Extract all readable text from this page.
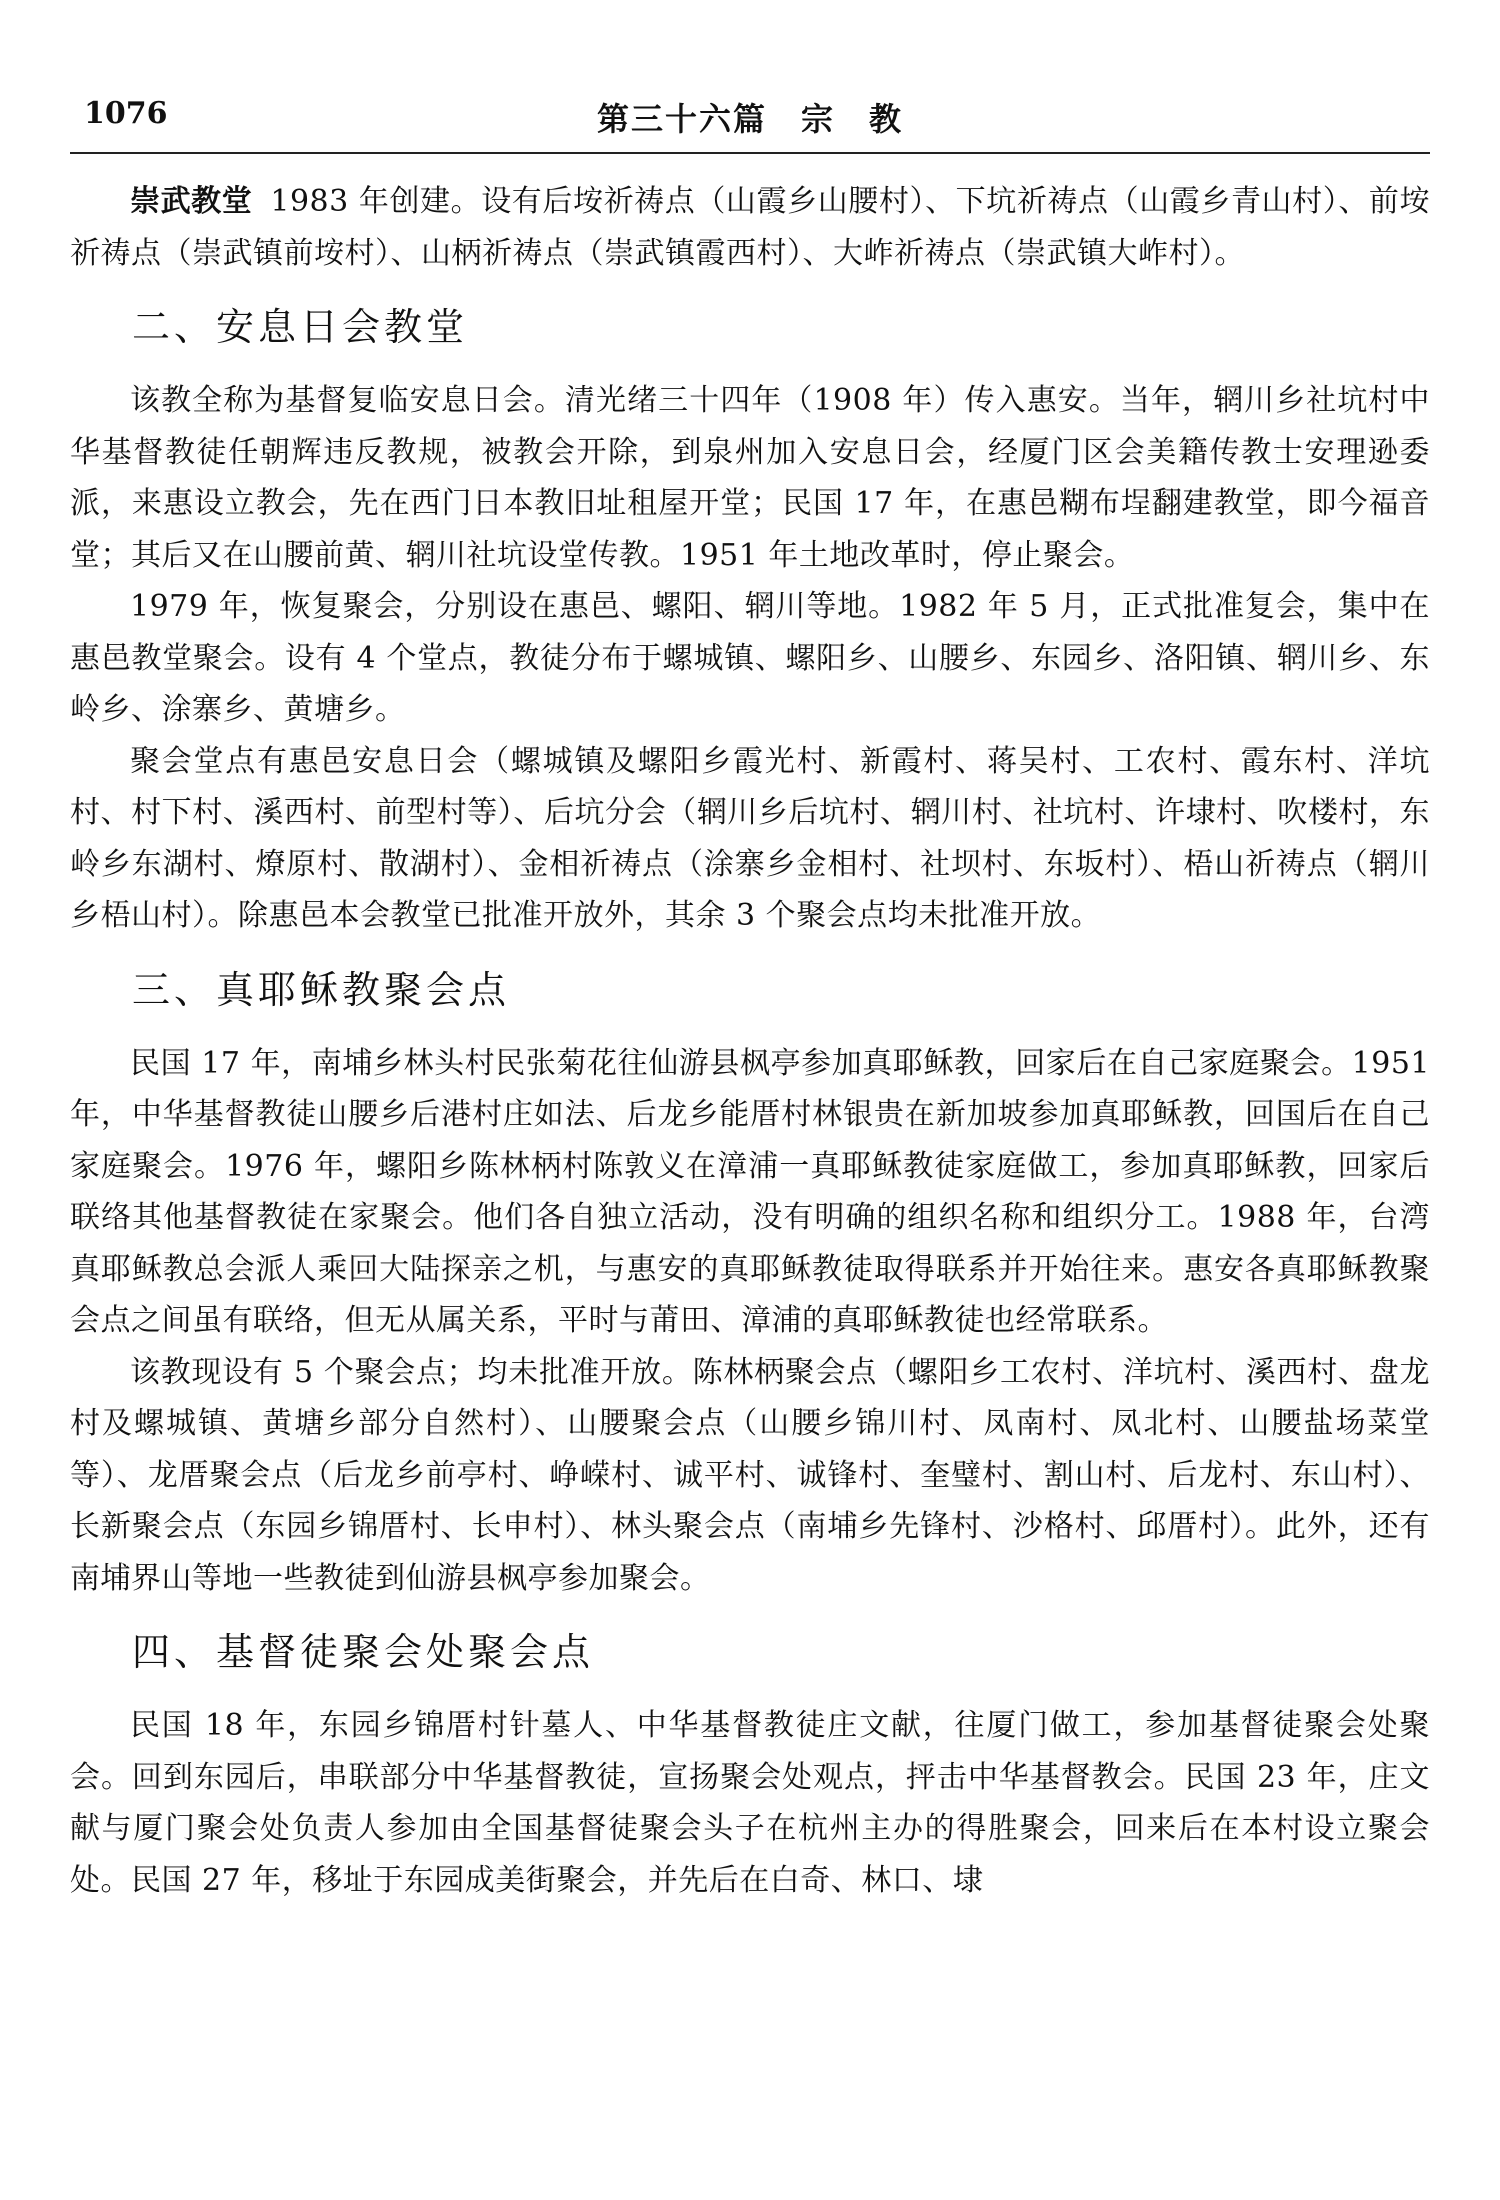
1076	第三十六篇　宗　教

崇武教堂 1983 年创建。设有后垵祈祷点（山霞乡山腰村）、下坑祈祷点（山霞乡青山村）、前垵祈祷点（崇武镇前垵村）、山柄祈祷点（崇武镇霞西村）、大岞祈祷点（崇武镇大岞村）。

二、安息日会教堂

该教全称为基督复临安息日会。清光绪三十四年（1908 年）传入惠安。当年，辋川乡社坑村中华基督教徒任朝辉违反教规，被教会开除，到泉州加入安息日会，经厦门区会美籍传教士安理逊委派，来惠设立教会，先在西门日本教旧址租屋开堂；民国 17 年，在惠邑糊布埕翻建教堂，即今福音堂；其后又在山腰前黄、辋川社坑设堂传教。1951 年土地改革时，停止聚会。

1979 年，恢复聚会，分别设在惠邑、螺阳、辋川等地。1982 年 5 月，正式批准复会，集中在惠邑教堂聚会。设有 4 个堂点，教徒分布于螺城镇、螺阳乡、山腰乡、东园乡、洛阳镇、辋川乡、东岭乡、涂寨乡、黄塘乡。

聚会堂点有惠邑安息日会（螺城镇及螺阳乡霞光村、新霞村、蒋吴村、工农村、霞东村、洋坑村、村下村、溪西村、前型村等）、后坑分会（辋川乡后坑村、辋川村、社坑村、许埭村、吹楼村，东岭乡东湖村、燎原村、散湖村）、金相祈祷点（涂寨乡金相村、社坝村、东坂村）、梧山祈祷点（辋川乡梧山村）。除惠邑本会教堂已批准开放外，其余 3 个聚会点均未批准开放。

三、真耶稣教聚会点

民国 17 年，南埔乡林头村民张菊花往仙游县枫亭参加真耶稣教，回家后在自己家庭聚会。1951 年，中华基督教徒山腰乡后港村庄如法、后龙乡能厝村林银贵在新加坡参加真耶稣教，回国后在自己家庭聚会。1976 年，螺阳乡陈林柄村陈敦义在漳浦一真耶稣教徒家庭做工，参加真耶稣教，回家后联络其他基督教徒在家聚会。他们各自独立活动，没有明确的组织名称和组织分工。1988 年，台湾真耶稣教总会派人乘回大陆探亲之机，与惠安的真耶稣教徒取得联系并开始往来。惠安各真耶稣教聚会点之间虽有联络，但无从属关系，平时与莆田、漳浦的真耶稣教徒也经常联系。

该教现设有 5 个聚会点；均未批准开放。陈林柄聚会点（螺阳乡工农村、洋坑村、溪西村、盘龙村及螺城镇、黄塘乡部分自然村）、山腰聚会点（山腰乡锦川村、凤南村、凤北村、山腰盐场菜堂等）、龙厝聚会点（后龙乡前亭村、峥嵘村、诚平村、诚锋村、奎璧村、割山村、后龙村、东山村）、长新聚会点（东园乡锦厝村、长申村）、林头聚会点（南埔乡先锋村、沙格村、邱厝村）。此外，还有南埔界山等地一些教徒到仙游县枫亭参加聚会。

四、基督徒聚会处聚会点

民国 18 年，东园乡锦厝村针墓人、中华基督教徒庄文献，往厦门做工，参加基督徒聚会处聚会。回到东园后，串联部分中华基督教徒，宣扬聚会处观点，抨击中华基督教会。民国 23 年，庄文献与厦门聚会处负责人参加由全国基督徒聚会头子在杭州主办的得胜聚会，回来后在本村设立聚会处。民国 27 年，移址于东园成美街聚会，并先后在白奇、林口、埭
